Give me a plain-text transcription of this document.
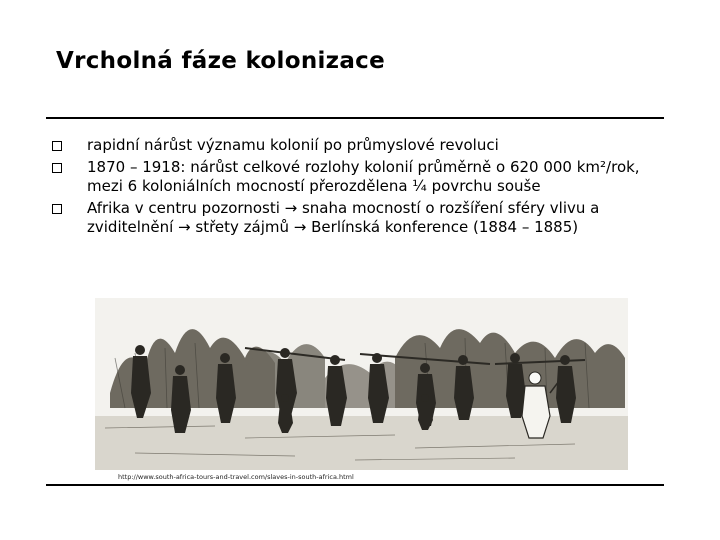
Vrcholná fáze kolonizace
rapidní nárůst významu kolonií po průmyslové revoluci
1870 – 1918: nárůst celkové rozlohy kolonií průměrně o 620 000 km²/rok, mezi 6 koloniálních mocností přerozdělena ¼ povrchu souše
Afrika v centru pozornosti → snaha mocností o rozšíření sféry vlivu a zviditelnění → střety zájmů → Berlínská konference (1884 – 1885)
http://www.south-africa-tours-and-travel.com/slaves-in-south-africa.html
